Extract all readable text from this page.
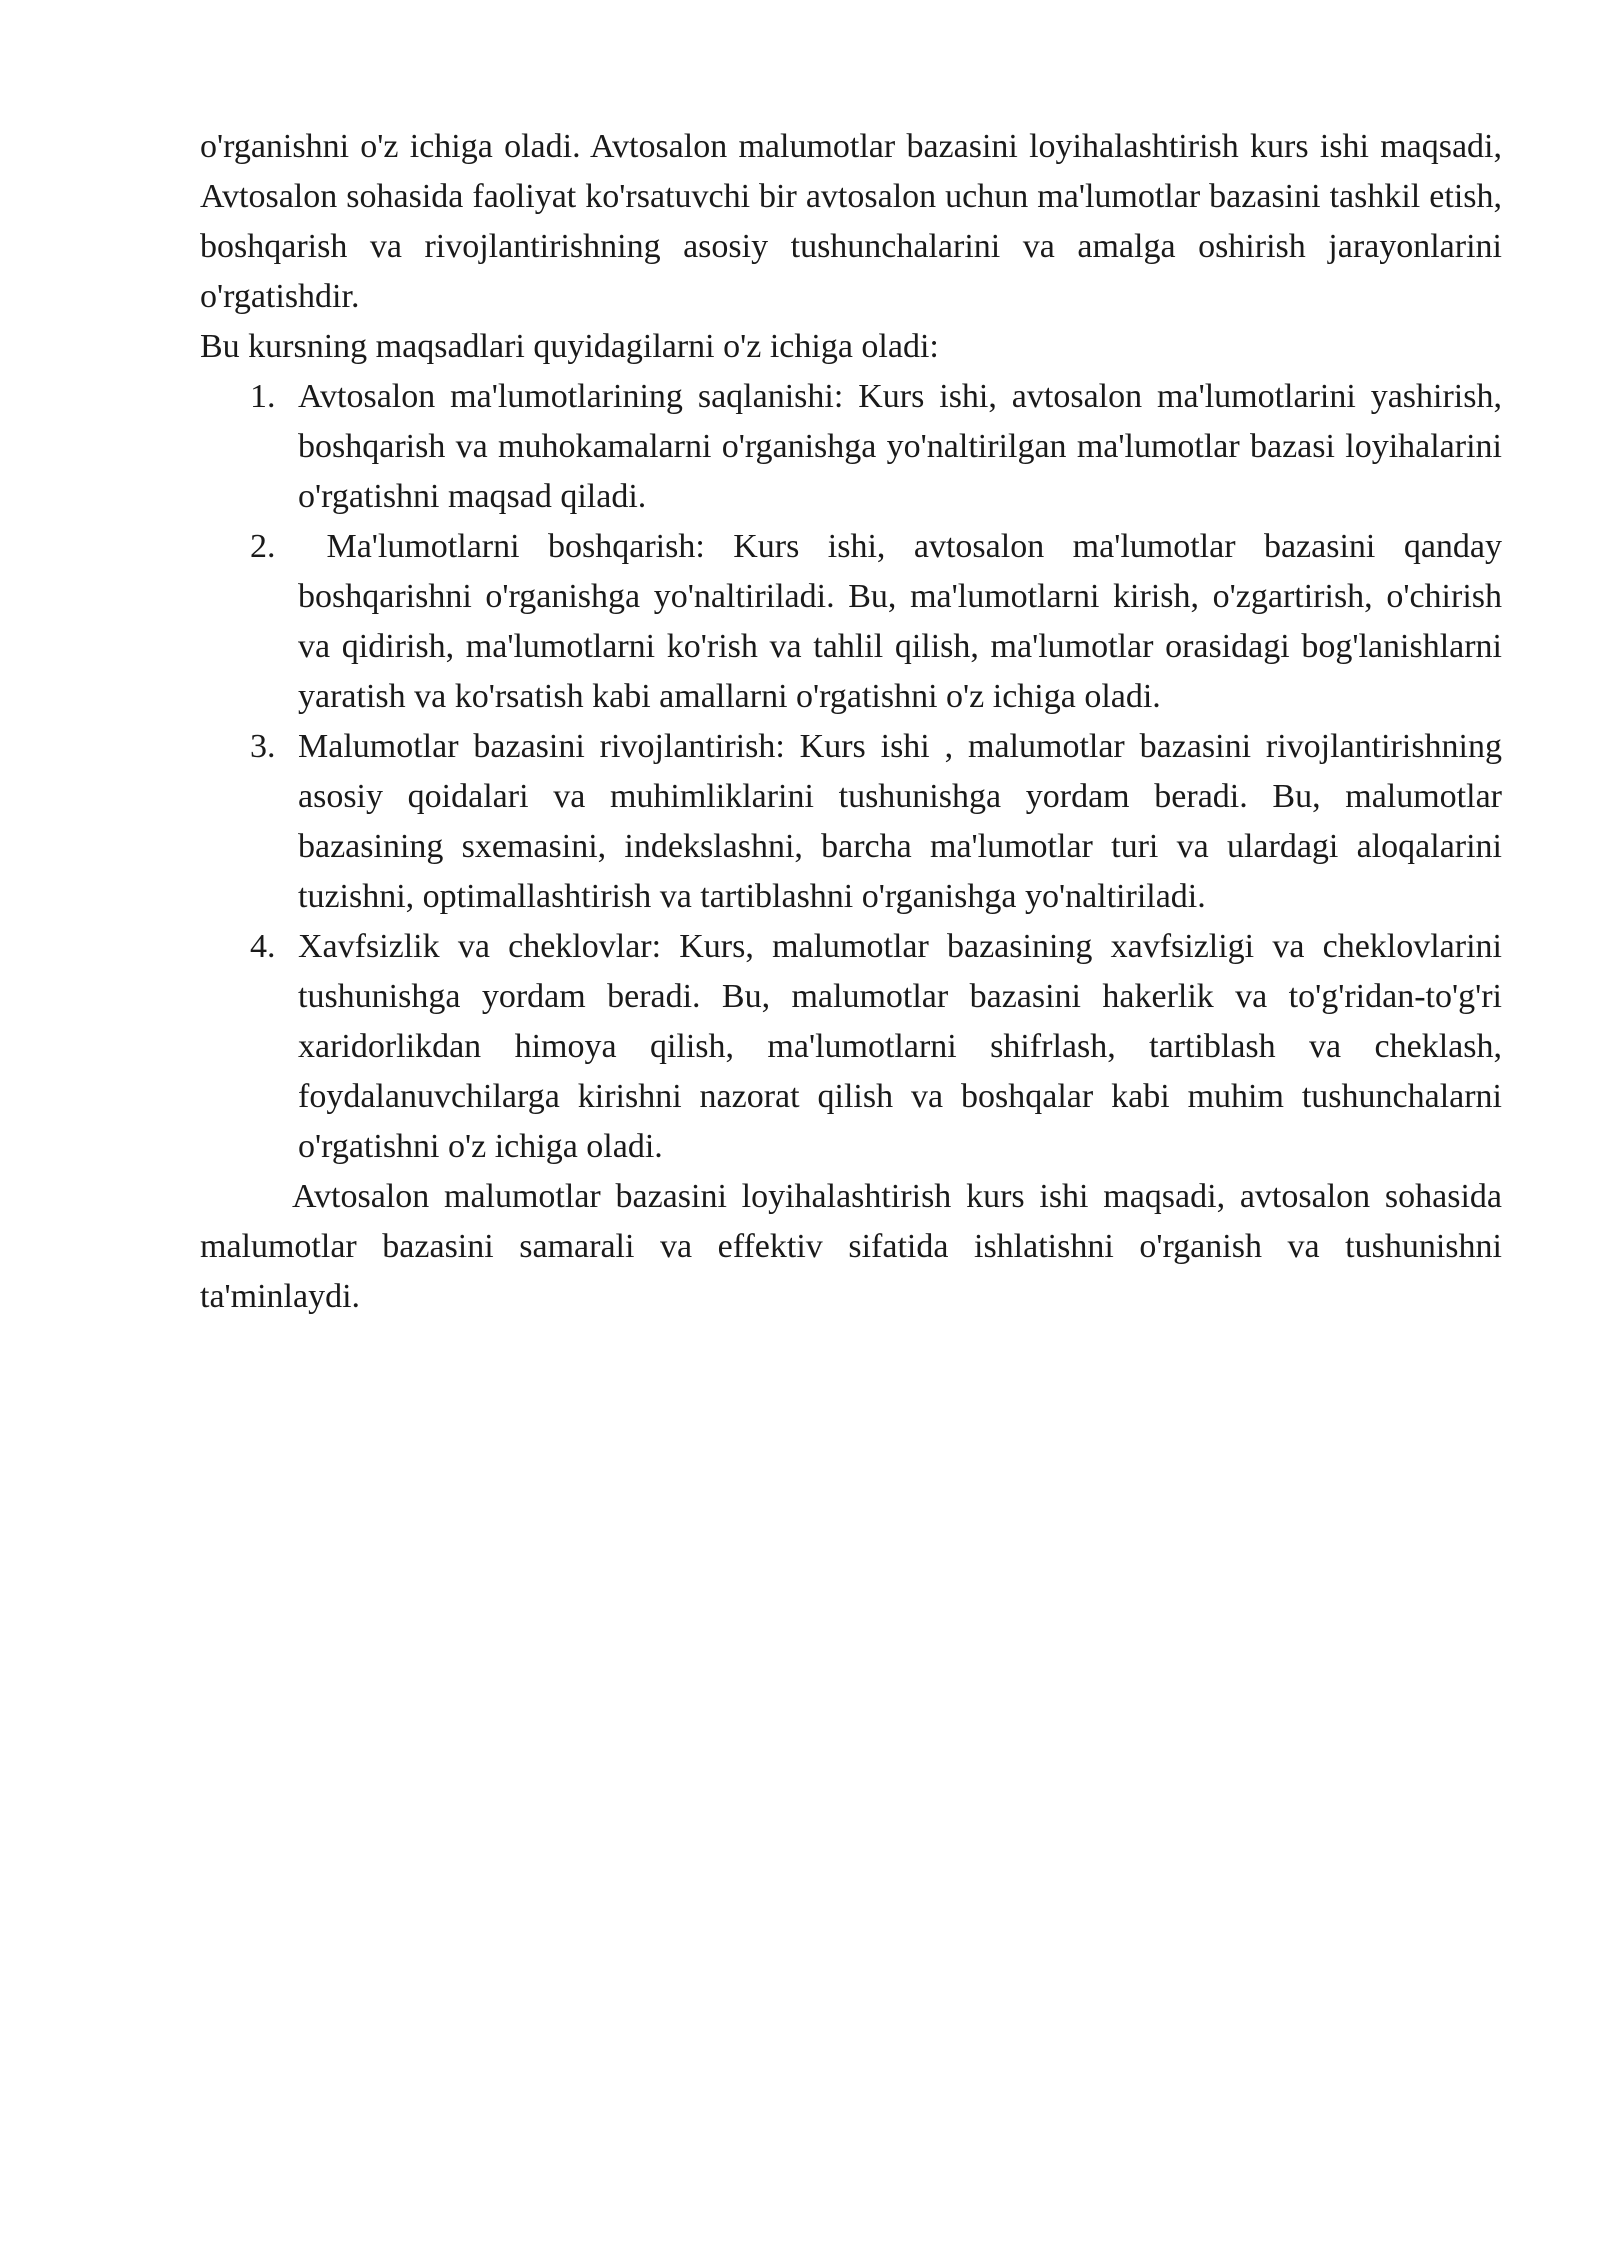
o'rganishni o'z ichiga oladi. Avtosalon malumotlar bazasini loyihalashtirish kurs ishi maqsadi, Avtosalon sohasida faoliyat ko'rsatuvchi bir avtosalon uchun ma'lumotlar bazasini tashkil etish, boshqarish va rivojlantirishning asosiy tushunchalarini va amalga oshirish jarayonlarini o'rgatishdir.

Bu kursning maqsadlari quyidagilarni o'z ichiga oladi:

1. Avtosalon ma'lumotlarining saqlanishi: Kurs ishi, avtosalon ma'lumotlarini yashirish, boshqarish va muhokamalarni o'rganishga yo'naltirilgan ma'lumotlar bazasi loyihalarini o'rgatishni maqsad qiladi.
2. Ma'lumotlarni boshqarish: Kurs ishi, avtosalon ma'lumotlar bazasini qanday boshqarishni o'rganishga yo'naltiriladi. Bu, ma'lumotlarni kirish, o'zgartirish, o'chirish va qidirish, ma'lumotlarni ko'rish va tahlil qilish, ma'lumotlar orasidagi bog'lanishlarni yaratish va ko'rsatish kabi amallarni o'rgatishni o'z ichiga oladi.
3. Malumotlar bazasini rivojlantirish: Kurs ishi , malumotlar bazasini rivojlantirishning asosiy qoidalari va muhimliklarini tushunishga yordam beradi. Bu, malumotlar bazasining sxemasini, indekslashni, barcha ma'lumotlar turi va ulardagi aloqalarini tuzishni, optimallashtirish va tartiblashni o'rganishga yo'naltiriladi.
4. Xavfsizlik va cheklovlar: Kurs, malumotlar bazasining xavfsizligi va cheklovlarini tushunishga yordam beradi. Bu, malumotlar bazasini hakerlik va to'g'ridan-to'g'ri xaridorlikdan himoya qilish, ma'lumotlarni shifrlash, tartiblash va cheklash, foydalanuvchilarga kirishni nazorat qilish va boshqalar kabi muhim tushunchalarni o'rgatishni o'z ichiga oladi.

Avtosalon malumotlar bazasini loyihalashtirish kurs ishi maqsadi, avtosalon sohasida malumotlar bazasini samarali va effektiv sifatida ishlatishni o'rganish va tushunishni ta'minlaydi.
